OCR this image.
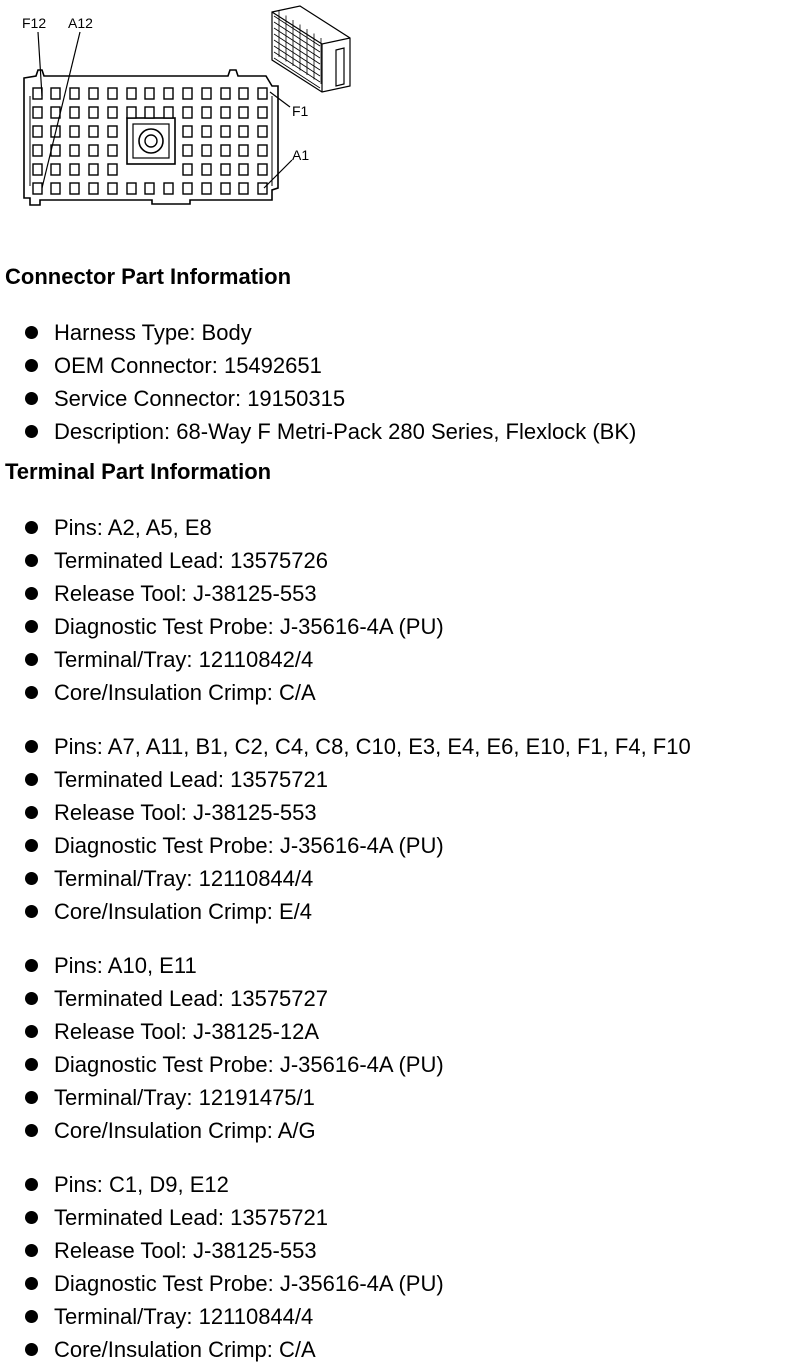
F12 A12
F1
A1
Connector Part Information
Harness Type: Body
OEM Connector: 15492651
Service Connector: 19150315
Description: 68-Way F Metri-Pack 280 Series, Flexlock (BK)
Terminal Part Information
Pins: A2, A5, E8
Terminated Lead: 13575726
Release Tool: J-38125-553
Diagnostic Test Probe: J-35616-4A (PU)
Terminal/Tray: 12110842/4
Core/Insulation Crimp: C/A
Pins: A7, A11, B1, C2, C4, C8, C10, E3, E4, E6, E10, F1, F4, F10
Terminated Lead: 13575721
Release Tool: J-38125-553
Diagnostic Test Probe: J-35616-4A (PU)
Terminal/Tray: 12110844/4
Core/Insulation Crimp: E/4
Pins: A10, E11
Terminated Lead: 13575727
Release Tool: J-38125-12A
Diagnostic Test Probe: J-35616-4A (PU)
Terminal/Tray: 12191475/1
Core/Insulation Crimp: A/G
Pins: C1, D9, E12
Terminated Lead: 13575721
Release Tool: J-38125-553
Diagnostic Test Probe: J-35616-4A (PU)
Terminal/Tray: 12110844/4
Core/Insulation Crimp: C/A
